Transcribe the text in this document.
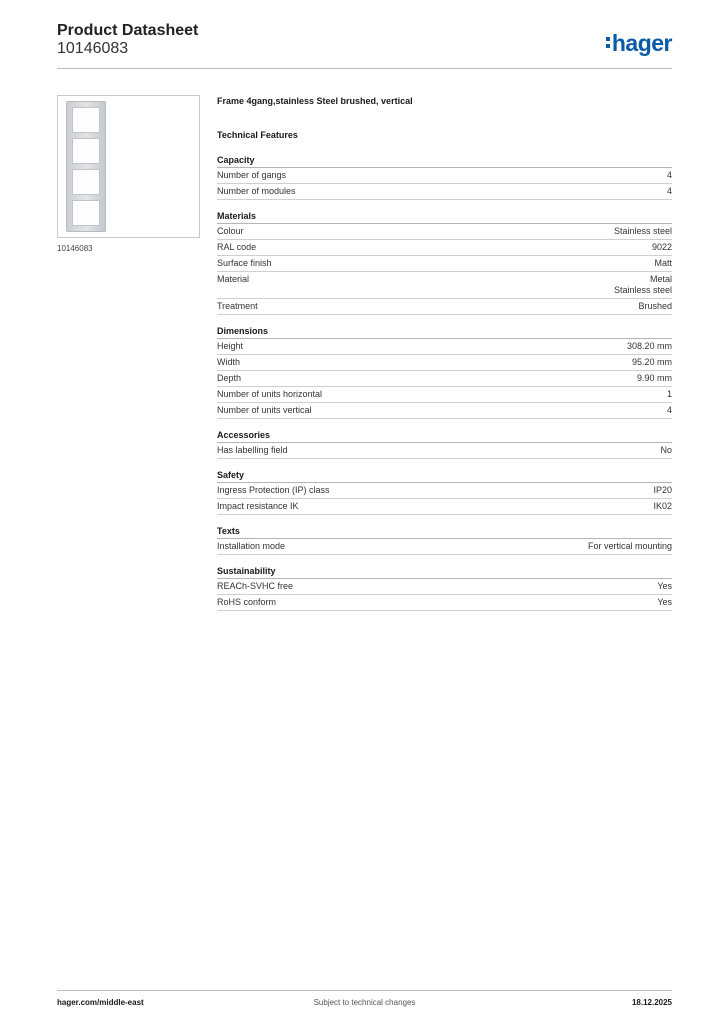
Product Datasheet
10146083	hager
10146083
Frame 4gang,stainless Steel brushed, vertical
Technical Features
Capacity
Number of gangs	4
Number of modules	4
Materials
Colour	Stainless steel
RAL code	9022
Surface finish	Matt
Material	Metal
Stainless steel
Treatment	Brushed
Dimensions
Height	308.20 mm
Width	95.20 mm
Depth	9.90 mm
Number of units horizontal	1
Number of units vertical	4
Accessories
Has labelling field	No
Safety
Ingress Protection (IP) class	IP20
Impact resistance IK	IK02
Texts
Installation mode	For vertical mounting
Sustainability
REACh-SVHC free	Yes
RoHS conform	Yes
hager.com/middle-east	Subject to technical changes	18.12.2025
